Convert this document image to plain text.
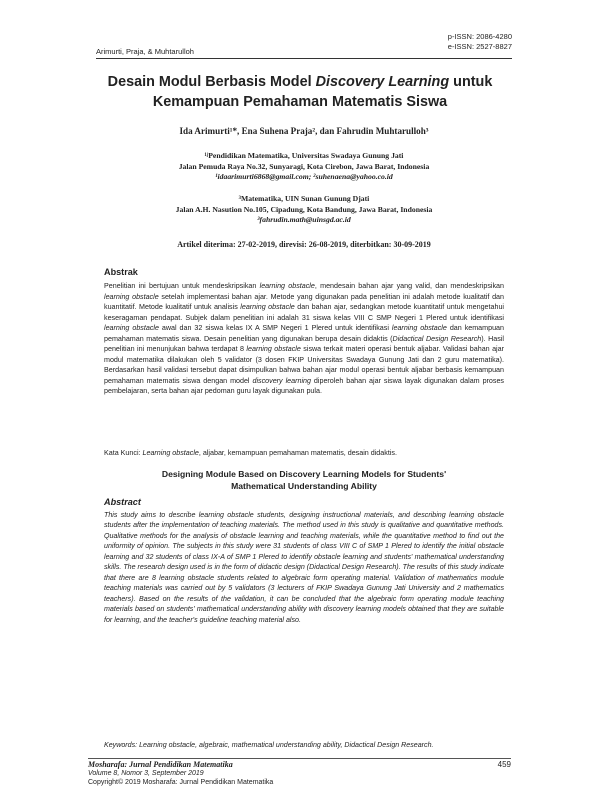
p-ISSN: 2086-4280
e-ISSN: 2527-8827
Arimurti, Praja, & Muhtarulloh
Desain Modul Berbasis Model Discovery Learning untuk
Kemampuan Pemahaman Matematis Siswa
Ida Arimurti¹*, Ena Suhena Praja², dan Fahrudin Muhtarulloh³
¹ʲPendidikan Matematika, Universitas Swadaya Gunung Jati
Jalan Pemuda Raya No.32, Sunyaragi, Kota Cirebon, Jawa Barat, Indonesia
¹idaarimurti6868@gmail.com; ²suhenaena@yahoo.co.id
³Matematika, UIN Sunan Gunung Djati
Jalan A.H. Nasution No.105, Cipadung, Kota Bandung, Jawa Barat, Indonesia
³fahrudin.math@uinsgd.ac.id
Artikel diterima: 27-02-2019, direvisi: 26-08-2019, diterbitkan: 30-09-2019
Abstrak
Penelitian ini bertujuan untuk mendeskripsikan learning obstacle, mendesain bahan ajar yang valid, dan mendeskripsikan learning obstacle setelah implementasi bahan ajar. Metode yang digunakan pada penelitian ini adalah metode kualitatif dan kuantitatif. Metode kualitatif untuk analisis learning obstacle dan bahan ajar, sedangkan metode kuantitatif untuk mengetahui keseragaman pendapat. Subjek dalam penelitian ini adalah 31 siswa kelas VIII C SMP Negeri 1 Plered untuk identifikasi learning obstacle awal dan 32 siswa kelas IX A SMP Negeri 1 Plered untuk identifikasi learning obstacle dan kemampuan pemahaman matematis siswa. Desain penelitian yang digunakan berupa desain didaktis (Didactical Design Research). Hasil penelitian ini menunjukan bahwa terdapat 8 learning obstacle siswa terkait materi operasi bentuk aljabar. Validasi bahan ajar modul matematika dilakukan oleh 5 validator (3 dosen FKIP Universitas Swadaya Gunung Jati dan 2 guru matematika). Berdasarkan hasil validasi tersebut dapat disimpulkan bahwa bahan ajar modul operasi bentuk aljabar berbasis kemampuan pemahaman matematis siswa dengan model discovery learning diperoleh bahan ajar siswa layak digunakan dalam proses pembelajaran, serta bahan ajar pedoman guru layak digunakan pula.
Kata Kunci: Learning obstacle, aljabar, kemampuan pemahaman matematis, desain didaktis.
Designing Module Based on Discovery Learning Models for Students'
Mathematical Understanding Ability
Abstract
This study aims to describe learning obstacle students, designing instructional materials, and describing learning obstacle students after the implementation of teaching materials. The method used in this study is qualitative and quantitative methods. Qualitative methods for the analysis of obstacle learning and teaching materials, while the quantitative method to find out the uniformity of opinion. The subjects in this study were 31 students of class VIII C of SMP 1 Plered to identify the initial obstacle learning and 32 students of class IX-A of SMP 1 Plered to identify obstacle learning and students' mathematical understanding skills. The research design used is in the form of didactic design (Didactical Design Research). The results of this study indicate that there are 8 learning obstacle students related to algebraic form operating material. Validation of mathematics module teaching materials was carried out by 5 validators (3 lecturers of FKIP Swadaya Gunung Jati University and 2 mathematics teachers). Based on the results of the validation, it can be concluded that the algebraic form operating module teaching materials based on students' mathematical understanding ability with discovery learning models obtained that they are suitable for learning, and the teacher's guideline teaching material also.
Keywords: Learning obstacle, algebraic, mathematical understanding ability, Didactical Design Research.
Mosharafa: Jurnal Pendidikan Matematika	459
Volume 8, Nomor 3, September 2019
Copyright© 2019 Mosharafa: Jurnal Pendidikan Matematika
